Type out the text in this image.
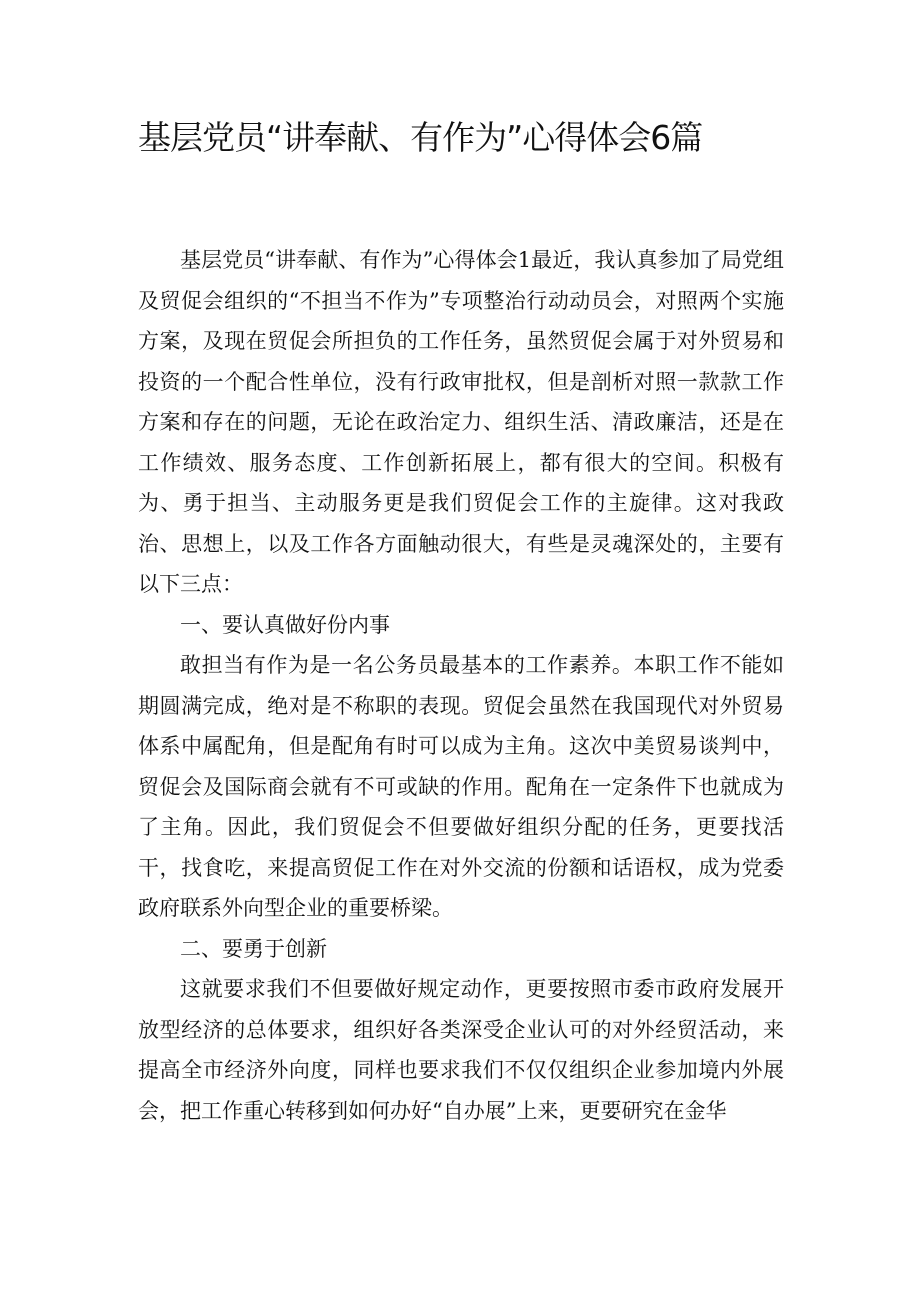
基层党员“讲奉献、有作为”心得体会6篇

基层党员“讲奉献、有作为”心得体会1最近，我认真参加了局党组及贸促会组织的“不担当不作为”专项整治行动动员会，对照两个实施方案，及现在贸促会所担负的工作任务，虽然贸促会属于对外贸易和投资的一个配合性单位，没有行政审批权，但是剖析对照一款款工作方案和存在的问题，无论在政治定力、组织生活、清政廉洁，还是在工作绩效、服务态度、工作创新拓展上，都有很大的空间。积极有为、勇于担当、主动服务更是我们贸促会工作的主旋律。这对我政治、思想上，以及工作各方面触动很大，有些是灵魂深处的，主要有以下三点：

一、要认真做好份内事

敢担当有作为是一名公务员最基本的工作素养。本职工作不能如期圆满完成，绝对是不称职的表现。贸促会虽然在我国现代对外贸易体系中属配角，但是配角有时可以成为主角。这次中美贸易谈判中，贸促会及国际商会就有不可或缺的作用。配角在一定条件下也就成为了主角。因此，我们贸促会不但要做好组织分配的任务，更要找活干，找食吃，来提高贸促工作在对外交流的份额和话语权，成为党委政府联系外向型企业的重要桥梁。

二、要勇于创新

这就要求我们不但要做好规定动作，更要按照市委市政府发展开放型经济的总体要求，组织好各类深受企业认可的对外经贸活动，来提高全市经济外向度，同样也要求我们不仅仅组织企业参加境内外展会，把工作重心转移到如何办好“自办展”上来，更要研究在金华
